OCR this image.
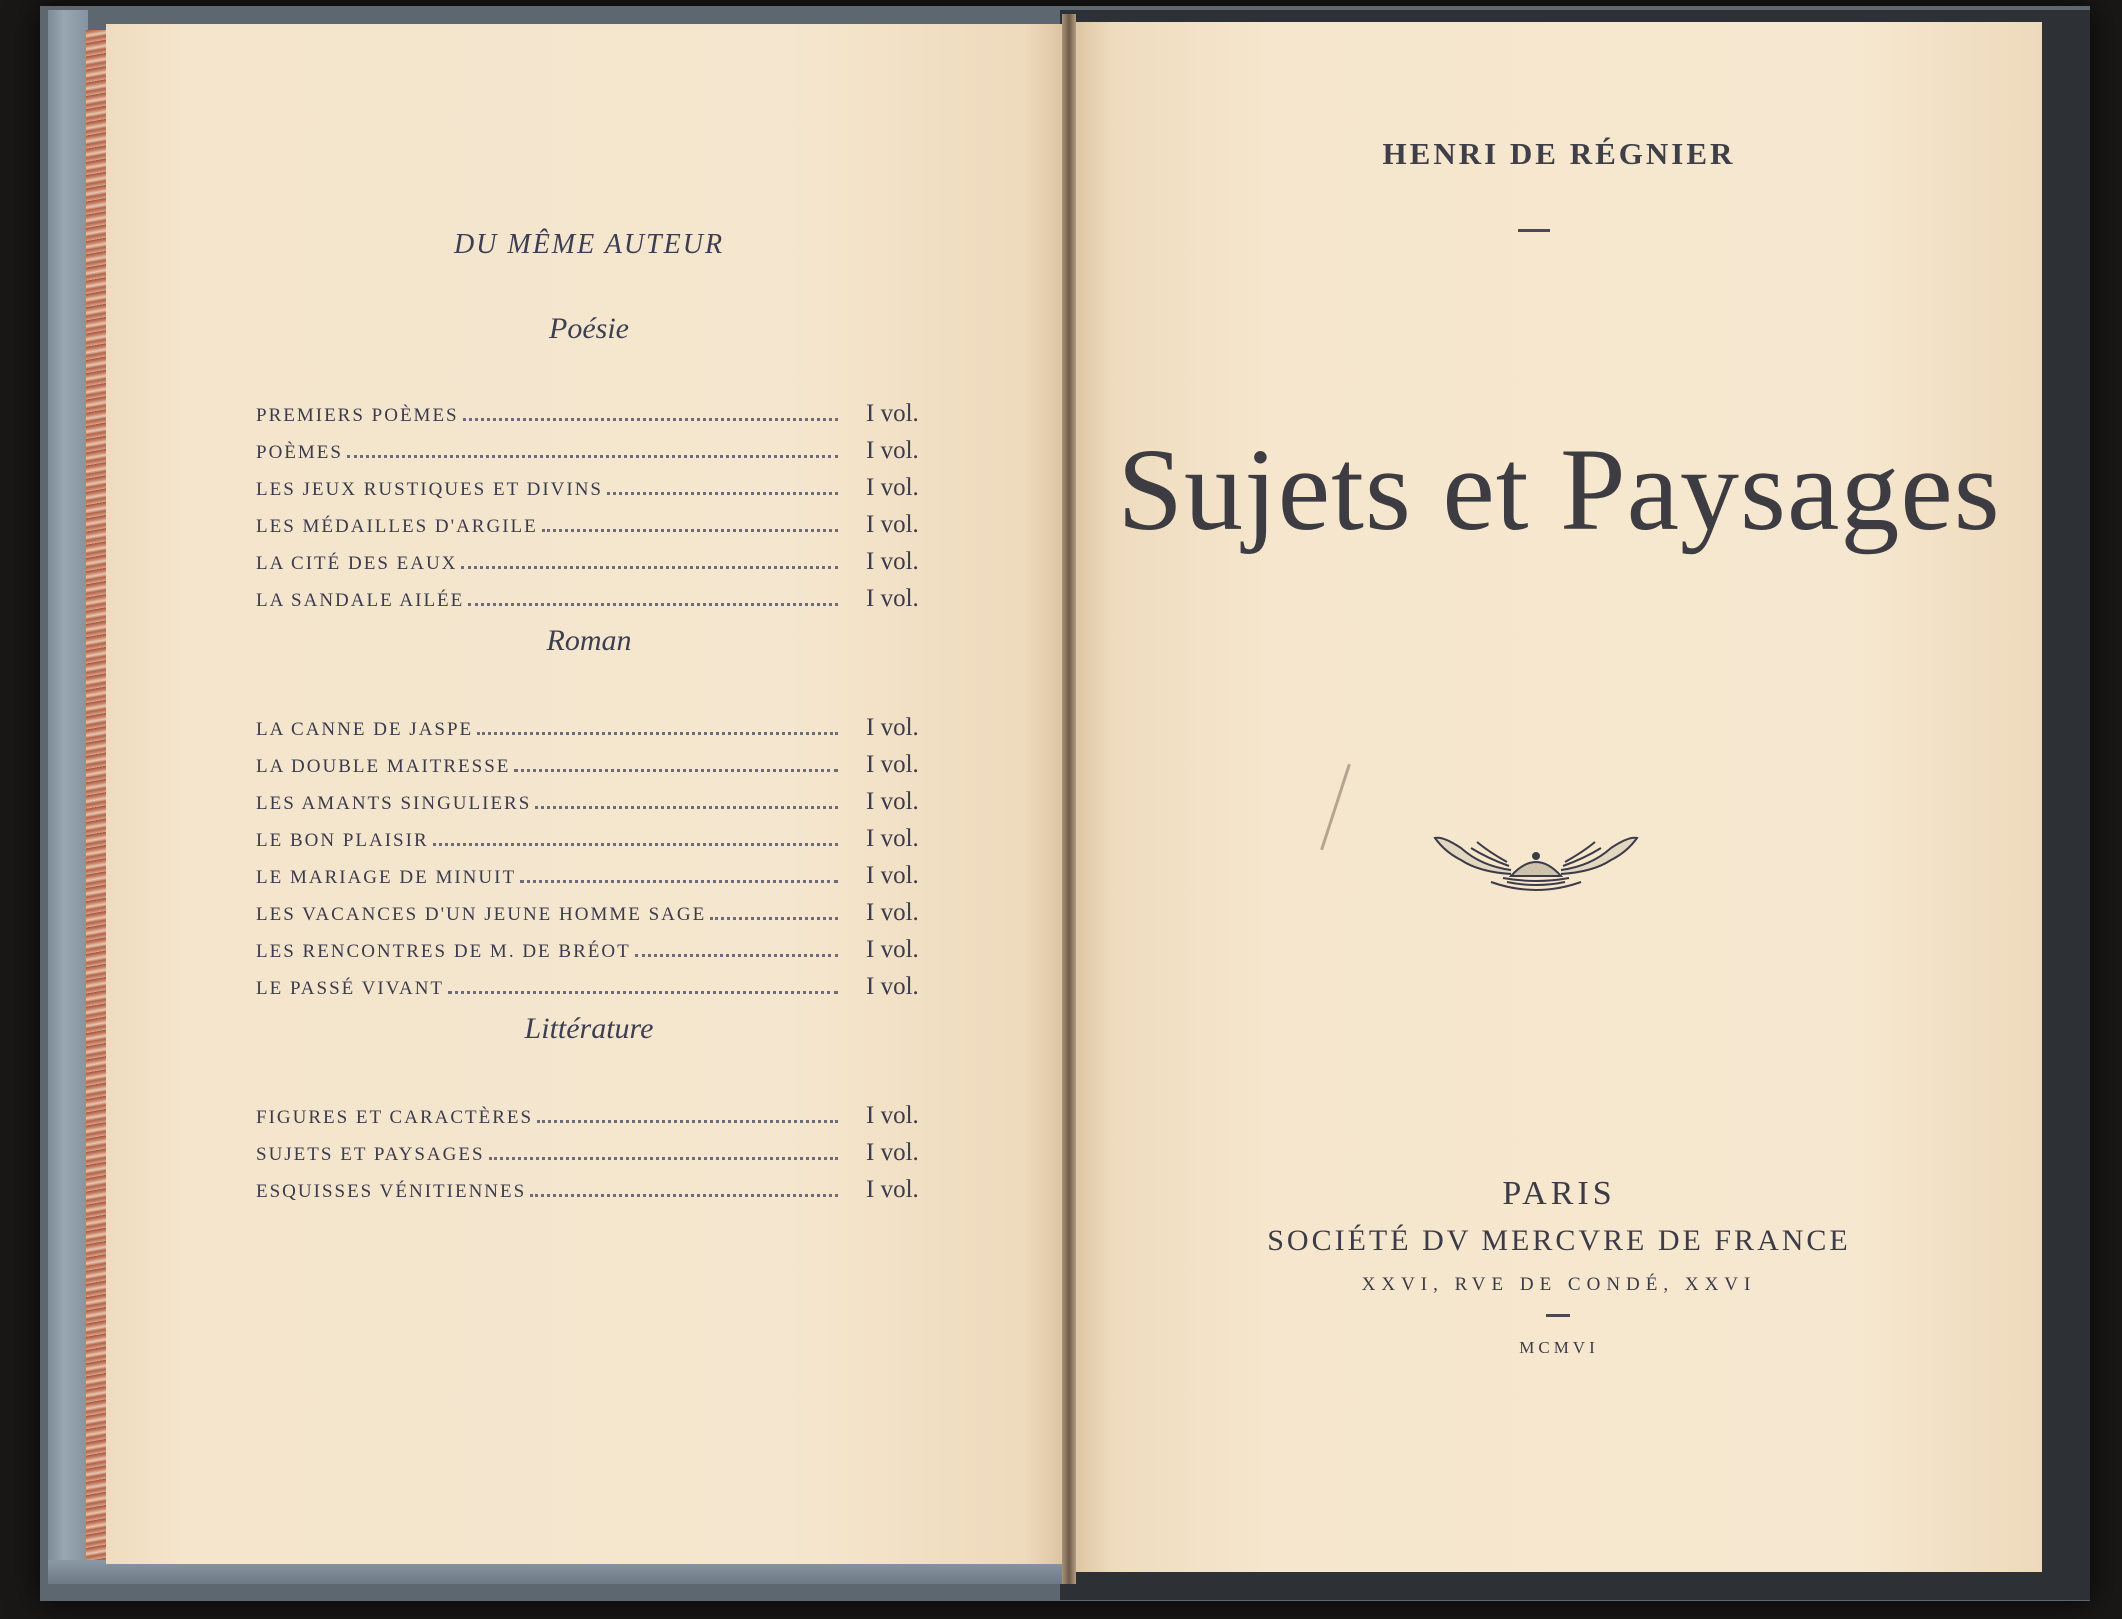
DU MÊME AUTEUR
Poésie
PREMIERS POÈMES	I vol.
POÈMES	I vol.
LES JEUX RUSTIQUES ET DIVINS	I vol.
LES MÉDAILLES D'ARGILE	I vol.
LA CITÉ DES EAUX	I vol.
LA SANDALE AILÉE	I vol.
Roman
LA CANNE DE JASPE	I vol.
LA DOUBLE MAITRESSE	I vol.
LES AMANTS SINGULIERS	I vol.
LE BON PLAISIR	I vol.
LE MARIAGE DE MINUIT	I vol.
LES VACANCES D'UN JEUNE HOMME SAGE	I vol.
LES RENCONTRES DE M. DE BRÉOT	I vol.
LE PASSÉ VIVANT	I vol.
Littérature
FIGURES ET CARACTÈRES	I vol.
SUJETS ET PAYSAGES	I vol.
ESQUISSES VÉNITIENNES	I vol.
HENRI DE RÉGNIER
Sujets et Paysages
PARIS
SOCIÉTÉ DV MERCVRE DE FRANCE
XXVI, RVE DE CONDÉ, XXVI
MCMVI
